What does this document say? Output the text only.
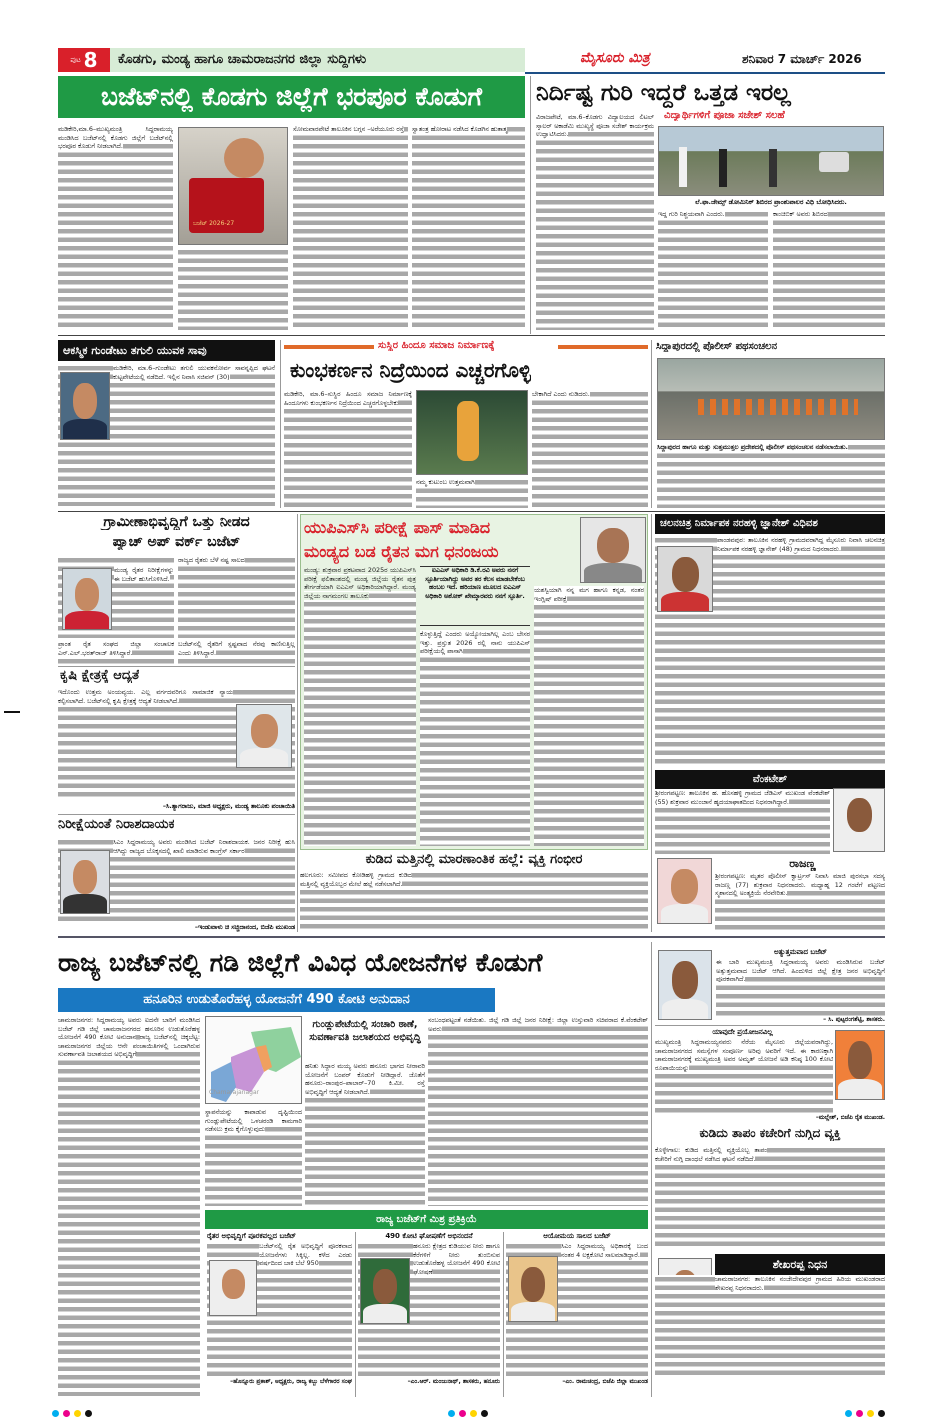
ಪುಟ 8	ಕೊಡಗು, ಮಂಡ್ಯ ಹಾಗೂ ಚಾಮರಾಜನಗರ ಜಿಲ್ಲಾ ಸುದ್ದಿಗಳು	ಮೈಸೂರು ಮಿತ್ರ	ಶನಿವಾರ 7 ಮಾರ್ಚ್ 2026
ಬಜೆಟ್‌ನಲ್ಲಿ ಕೊಡಗು ಜಿಲ್ಲೆಗೆ ಭರಪೂರ ಕೊಡುಗೆ
ಮಡಿಕೇರಿ,ಮಾ.6–ಮುಖ್ಯಮಂತ್ರಿ ಸಿದ್ದರಾಮಯ್ಯ ಮಂಡಿಸಿದ ಬಜೆಟ್‌ನಲ್ಲಿ ಕೊಡಗು ಜಿಲ್ಲೆಗೆ ಬಜೆಟ್‌ನಲ್ಲಿ ಭರಪೂರ ಕೊಡುಗೆ ನೀಡಲಾಗಿದೆ.
ಬಜೆಟ್ 2026-27
ಸೋಮವಾರಪೇಟೆ ತಾಲೂಕಿನ ಬಗ್ಗನ –ಅರೆಯೂರು ರಸ್ತೆ	ಸ್ವಾತಂತ್ರ ಹೋರಾಟ ನಡೆಸಿದ ಕೊಡಗಿನ ಹುತಾತ್ಮ
ನಿರ್ದಿಷ್ಟ ಗುರಿ ಇದ್ದರೆ ಒತ್ತಡ ಇರಲ್ಲ
ವಿದ್ಯಾರ್ಥಿಗಳಿಗೆ ಪೂಜಾ ಸಜೇಶ್ ಸಲಹೆ
ವಿರಾಜಪೇಟೆ, ಮಾ.6–ಕೊಡಗು ವಿದ್ಯಾಲಯದ ಲಿಟಲ್ ಸ್ಕಾಲರ್ ಅಕಾಡೆಮಿ ಮುಖ್ಯಸ್ಥೆ ಪೂಜಾ ಸಜೇಶ್ ಕಾರ್ಯಕ್ರಮ ಉದ್ಘಾಟಿಸಿದರು.
ಲೆ.ಫಾ.ಜೇಮ್ಸ್ ಡೋಮಿನಿಕ್ ಶಿಬಿರದ ಪ್ರಾಂಶುಪಾಲರ ವಿಧಿ ಬೋಧಿಸಿದರು.
ಇದ್ದ ಗುರಿ ನಿಶ್ಚಯವಾಗಿ ಎಂದರು.	ಕಾಂಚಿಬಿಕ್ ಅವರು ಶಿಬಿರದ
ಆಕಸ್ಮಿಕ ಗುಂಡೇಟು ತಗುಲಿ ಯುವಕ ಸಾವು
ಮಡಿಕೇರಿ, ಮಾ.6–ಗುಂಡೇಟು ತಗುಲಿ ಯುವಕನೋರ್ವ ಸಾವನ್ನಪ್ಪಿದ ಘಟನೆ ಕುಟ್ಟಪೇಟೆಯಲ್ಲಿ ನಡೆದಿದೆ. ಇಲ್ಲಿನ ನಿವಾಸಿ ಸಜಿವನ್ (30)
ಸುಸ್ಥಿರ ಹಿಂದೂ ಸಮಾಜ ನಿರ್ಮಾಣಕ್ಕೆ
ಕುಂಭಕರ್ಣನ ನಿದ್ರೆಯಿಂದ ಎಚ್ಚರಗೊಳ್ಳಿ
ಮಡಿಕೇರಿ, ಮಾ.6–ಸುಸ್ಥಿರ ಹಿಂದೂ ಸಮಾಜ ನಿರ್ಮಾಣಕ್ಕೆ ಹಿಂದೂಗಳು ಕುಂಭಕರ್ಣನ ನಿದ್ರೆಯಿಂದ ಎಚ್ಚರಗೊಳ್ಳಬೇಕು
ನಮ್ಮ ಕುಟುಂಬ ಉತ್ತಮವಾಗಿ
ಬೇಕಾಗಿದೆ ಎಂದು ನುಡಿದರು.
ಸಿದ್ದಾಪುರದಲ್ಲಿ ಪೊಲೀಸ್ ಪಥಸಂಚಲನ
ಸಿದ್ದಾಪುರದ ಹಾಗೂ ಮತ್ತು ಸುತ್ತಮುತ್ತಲ ಪ್ರದೇಶದಲ್ಲಿ ಪೊಲೀಸ್ ಪಥಸಂಚಲನ ನಡೆಸಲಾಯಿತು.
ಗ್ರಾಮೀಣಾಭಿವೃದ್ಧಿಗೆ ಒತ್ತು ನೀಡದ
ಪ್ಯಾಚ್ ಅಪ್ ವರ್ಕ್ ಬಜೆಟ್
ಮಂಡ್ಯ ರೈತರ ನಿರೀಕ್ಷೆಗಳನ್ನು ಈ ಬಜೆಟ್ ಹುಸಿಗೊಳಿಸಿದೆ.
ಪ್ರಾಂತ ರೈತ ಸಂಘದ ಜಿಲ್ಲಾ ಸಂಚಾಲಕ ಎನ್.ಎಲ್.ಭರತ್‌ರಾಜ್ ತಿಳಿಸಿದ್ದಾರೆ.
ರಾಜ್ಯದ ರೈತರು ಬೆಳೆ ನಷ್ಟ ಸಾಲದ
ಬಜೆಟ್‌ನಲ್ಲಿ ರೈತರಿಗೆ ಸ್ಪಷ್ಟವಾದ ನೆರವು ಕಾಣಿಸುತ್ತಿಲ್ಲ ಎಂದು ತಿಳಿಸಿದ್ದಾರೆ.
ಕೃಷಿ ಕ್ಷೇತ್ರಕ್ಕೆ ಆದ್ಯತೆ
ಇದೊಂದು ಉತ್ತಮ ಅಂಯವ್ಯಯ. ಎಲ್ಲ ವರ್ಗದವರಿಗೂ ಸಾಮಾಜಿಕ ನ್ಯಾಯ ಕಲ್ಪಿಸಲಾಗಿದೆ. ಬಜೆಟ್‌ನಲ್ಲಿ ಕೃಷಿ ಕ್ಷೇತ್ರಕ್ಕೆ ಆದ್ಯತೆ ನೀಡಲಾಗಿದೆ.
–ಸಿ.ತ್ಯಾಗರಾಜು, ಮಾಜಿ ಅಧ್ಯಕ್ಷರು, ಮಂಡ್ಯ ತಾಲೂಕು ಪಂಚಾಯಿತಿ
ನಿರೀಕ್ಷೆಯಂತೆ ನಿರಾಶದಾಯಕ
ಸಿಎಂ ಸಿದ್ದರಾಮಯ್ಯ ಅವರು ಮಂಡಿಸಿದ ಬಜೆಟ್ ನಿರಾಶದಾಯಕ. ಜನರ ನಿರೀಕ್ಷೆ ಹುಸಿ ಆಗಿದ್ದು ರಾಜ್ಯದ ಬೊಕ್ಕಸದಲ್ಲಿ ಖಾಲಿ ಮಾಡಿರುವ ಕಾಂಗ್ರೆಸ್ ಸರ್ಕಾರ
–ಇಂಡುವಾಳು ಚಿ ಸಚ್ಚಿದಾನಂದ, ಬಿಜೆಪಿ ಮುಖಂಡ
ಯುಪಿಎಸ್‌ಸಿ ಪರೀಕ್ಷೆ ಪಾಸ್ ಮಾಡಿದ
ಮಂಡ್ಯದ ಬಡ ರೈತನ ಮಗ ಧನಂಜಯ
ಮಂಡ್ಯ: ಶುಕ್ರವಾರ ಪ್ರಕಟವಾದ 2025ರ ಯುಪಿಎಸ್‌ಸಿ ಪರೀಕ್ಷೆ ಫಲಿತಾಂಶದಲ್ಲಿ ಮಂಡ್ಯ ಜಿಲ್ಲೆಯ ರೈತನ ಪುತ್ರ ತೇರ್ಗಡೆಯಾಗಿ ಐಎಎಸ್ ಅಧಿಕಾರಿಯಾಗಿದ್ದಾರೆ. ಮಂಡ್ಯ ಜಿಲ್ಲೆಯ ನಾಗಮಂಗಲ ತಾಲೂಕು
ಐಎಎಸ್ ಅಧಿಕಾರಿ ಡಿ.ಕೆ.ರವಿ ಅವರು ನನಗೆ ಸ್ಫೂರ್ತಿಯಾಗಿದ್ದು ಅವರ ತರ ಕೆಲಸ ಮಾಡಬೇಕೆಂಬ ಹಂಬಲ ಇದೆ. ಹರಿಯಾಣ ಮೂಲದ ಐಎಎಸ್ ಅಧಿಕಾರಿ ಅಶೋಕ್ ಖೇಮ್ಕಾರವರು ನನಗೆ ಸ್ಫೂರ್ತಿ.
ಕೊಳ್ಳುತ್ತಿದ್ದೆ ಎಂದರು ಅಯ್ಯೋಯಾಗಿಲ್ಲ ಎಂಬ ಬೇಸರ ಇತ್ತು. ಪ್ರಸ್ತುತ 2026 ರಲ್ಲಿ ನಾನು ಯುಪಿಎಸ್ ಪರೀಕ್ಷೆಯಲ್ಲಿ ಪಾಸಾಗಿ
ಯಶಸ್ವಿಯಾಗಿ ನನ್ನ ಮಗ ಹಾಗೂ ಕನ್ನಡ, ನಂತರ ಇಂಗ್ಲಿಷ್ ಪರೀಕ್ಷೆ
ಕುಡಿದ ಮತ್ತಿನಲ್ಲಿ ಮಾರಣಾಂತಿಕ ಹಲ್ಲೆ: ವ್ಯಕ್ತಿ ಗಂಭೀರ
ಹಲಗೂರು: ಸಮೀಪದ ಕೋಡಿಹಳ್ಳಿ ಗ್ರಾಮದ ಕುಡಿದ ಮತ್ತಿನಲ್ಲಿ ವ್ಯಕ್ತಿಯೊಬ್ಬರ ಮೇಲೆ ಹಲ್ಲೆ ನಡೆಸಲಾಗಿದೆ.
ಚಲನಚಿತ್ರ ನಿರ್ಮಾಪಕ ನರಹಳ್ಳಿ ಜ್ಞಾನೇಶ್ ವಿಧಿವಶ
ಪಾಂಡವಪುರ: ತಾಲೂಕಿನ ನರಹಳ್ಳಿ ಗ್ರಾಮದವರಾಗಿದ್ದ ಮೈಸೂರು ನಿವಾಸಿ ಚಲನಚಿತ್ರ ನಿರ್ಮಾಪಕ ನರಹಳ್ಳಿ ಜ್ಞಾನೇಶ್ (48) ಗ್ರಾಮದ ನಿಧನರಾದರು.
ವೆಂಕಟೇಶ್
ಶ್ರೀರಂಗಪಟ್ಟಣ: ತಾಲೂಕಿನ ಹ. ಹೊಸಹಳ್ಳಿ ಗ್ರಾಮದ ಜೆಡಿಎಸ್ ಮುಖಂಡ ವೆಂಕಟೇಶ್ (55) ಶುಕ್ರವಾರ ಮುಂಜಾನೆ ಹೃದಯಾಘಾತದಿಂದ ನಿಧನರಾಗಿದ್ದಾರೆ.
ರಾಜಣ್ಣ
ಶ್ರೀರಂಗಪಟ್ಟಣ: ಮೃತರ ಪೊಲೀಸ್ ಕ್ವಾರ್ಟ್ರಸ್ ನಿವಾಸಿ ಮಾಜಿ ಪುರಸಭಾ ಸದಸ್ಯ ರಾಜಣ್ಣ (77) ಶುಕ್ರವಾರ ನಿಧನರಾದರು. ಮಧ್ಯಾಹ್ನ 12 ಗಂಟೆಗೆ ಪಟ್ಟಣದ ಸ್ಮಶಾನದಲ್ಲಿ ಅಂತ್ಯಕ್ರಿಯೆ ನೆರವೇರಿತು.
ರಾಜ್ಯ ಬಜೆಟ್‌ನಲ್ಲಿ ಗಡಿ ಜಿಲ್ಲೆಗೆ ವಿವಿಧ ಯೋಜನೆಗಳ ಕೊಡುಗೆ
ಹನೂರಿನ ಉಡುತೊರೆಹಳ್ಳ ಯೋಜನೆಗೆ 490 ಕೋಟಿ ಅನುದಾನ
ಚಾಮರಾಜನಗರ: ಸಿದ್ದರಾಮಯ್ಯ ಅವರು ಐದನೇ ಬಾರಿಗೆ ಮಂಡಿಸಿದ ಬಜೆಟ್ ಗಡಿ ಜಿಲ್ಲೆ ಚಾಮರಾಜನಗರದ ಹನೂರಿನ ಉಡುತೊರೆಹಳ್ಳ ಯೋಜನೆಗೆ 490 ಕೋಟಿ ಅನುದಾನ ರಾಜ್ಯ ಬಜೆಟ್‌ನಲ್ಲಿ ಚಿಕ್ಕಬೆಟ್ಟ: ಚಾಮರಾಜನಗರ ಜಿಲ್ಲೆಯ ಆನೇ ಪಂಚಾಯಿತಿಗಳಲ್ಲಿ ಒಂದಾಗಿರುವ ಸುವರ್ಣಾವತಿ ಜಲಾಶಯದ ಅಭಿವೃದ್ಧಿಗೆ
Chamarajanagar
ಸ್ಥಾಪನೆಯನ್ನು ಕಾಪಾಡುವ ದೃಷ್ಟಿಯಿಂದ ಗುಂಡ್ಲುಪೇಟೆಯಲ್ಲಿ ಒಳಚರಂಡಿ ಕಾಮಗಾರಿ ನಡೆಸಲು ಕ್ರಮ ಕೈಗೊಳ್ಳುವುದು
ಗುಂಡ್ಲುಪೇಟೆಯಲ್ಲಿ ಸಂಚಾರಿ ಠಾಣೆ, ಸುವರ್ಣಾವತಿ ಜಲಾಶಯದ ಅಭಿವೃದ್ಧಿ
ಹನಿತು ಸಿದ್ದಾರ ಮಯ್ಯ ಅವರು ಹನೂರು ಭಾಗದ ನೀರಾವರಿ ಯೋಜನೆಗೆ ಬಂಪರ್ ಕೊಡುಗೆ ನೀಡಿದ್ದಾರೆ. ಜೊತೆಗೆ ಹನೂರು–ರಾಂಪುರ–ಪಾಲಾರ್–70 ಕಿ.ಮೀ. ರಸ್ತೆ ಅಭಿವೃದ್ಧಿಗೆ ಆದ್ಯತೆ ನೀಡಲಾಗಿದೆ.
ಸಂಬಂಧಪಟ್ಟಂತೆ ನಡೆಯಿತು. ಜಿಲ್ಲೆ ಗಡಿ ಜಿಲ್ಲೆ ಜನರ ನಿರೀಕ್ಷೆ: ಜಿಲ್ಲಾ ಉಸ್ತುವಾರಿ ಸಚಿವರಾದ ಕೆ.ವೆಂಕಟೇಶ್ ಅವರು
ರಾಜ್ಯ ಬಜೆಟ್‌ಗೆ ಮಿಶ್ರ ಪ್ರತಿಕ್ರಿಯೆ
ರೈತರ ಅಭಿವೃದ್ಧಿಗೆ ಪೂರಕವಲ್ಲದ ಬಜೆಟ್
ಬಜೆಟ್‌ನಲ್ಲಿ ರೈತ ಅಭಿವೃದ್ಧಿಗೆ ಪೂರಕವಾದ ಯೋಜನೆಗಳು ಸಿಕ್ಕಿಲ್ಲ. ಕಳೆದ ಎರಡು ವರ್ಷದಿಂದ ಬಾಕಿ ಬೆಲೆ 950
–ಹೊನ್ನೂರು ಪ್ರಕಾಶ್, ಅಧ್ಯಕ್ಷರು, ರಾಜ್ಯ ಕಬ್ಬು ಬೆಳೆಗಾರರ ಸಂಘ
490 ಕೋಟಿ ಘೋಷಣೆಗೆ ಅಭಿನಂದನೆ
ಹನೂರು ಕ್ಷೇತ್ರದ ಕುಡಿಯುವ ನೀರು ಹಾಗೂ ಕೆರೆಗಳಿಗೆ ನೀರು ತುಂಬಿಸುವ ಉಡುತೊರೆಹಳ್ಳ ಯೋಜನೆಗೆ 490 ಕೋಟಿ ಘೋಷಣೆ
–ಎಂ.ಆರ್. ಮಂಜುನಾಥ್, ಶಾಸಕರು, ಹನೂರು
ಆಯೋಮಯ ಸಾಲದ ಬಜೆಟ್
ಸಿಎಂ ಸಿದ್ದರಾಮಯ್ಯ ಅಧಿಕಾರಕ್ಕೆ ಬಂದ ನಂತರ 4 ಲಕ್ಷಕೋಟಿ ಸಾಲಮಾಡಿದ್ದಾರೆ.
–ಎಂ. ರಾಮಚಂದ್ರ, ಬಿಜೆಪಿ ಜಿಲ್ಲಾ ಮುಖಂಡ
ಅತ್ಯುತ್ತಮವಾದ ಬಜೆಟ್
ಈ ಬಾರಿ ಮುಖ್ಯಮಂತ್ರಿ ಸಿದ್ದರಾಮಯ್ಯ ಅವರು ಮಂಡಿಸಿರುವ ಬಜೆಟ್ ಅತ್ಯುತ್ತಮವಾದ ಬಜೆಟ್ ಆಗಿದೆ. ಹಿಂದುಳಿದ ಜಿಲ್ಲೆ ಕ್ಷೇತ್ರ ಜನರ ಅಭಿವೃದ್ಧಿಗೆ ಪೂರಕವಾಗಿದೆ.
– ಸಿ. ಪುಟ್ಟರಂಗಶೆಟ್ಟಿ, ಶಾಸಕರು.
ಯಾವುದೇ ಪ್ರಯೋಜನವಿಲ್ಲ
ಮುಖ್ಯಮಂತ್ರಿ ಸಿದ್ದರಾಮಯ್ಯನವರು ನೆರೆಯ ಮೈಸೂರು ಜಿಲ್ಲೆಯವರಾಗಿದ್ದು, ಚಾಮರಾಜನಗರದ ಸಮಸ್ಯೆಗಳ ಸಂಪೂರ್ಣ ಅರಿವು ಅವರಿಗೆ ಇದೆ. ಈ ಕಾರಣಕ್ಕಾಗಿ ಚಾಮರಾಜನಗರಕ್ಕೆ ಮುಖ್ಯಮಂತ್ರಿ ಅವರ ಅಮೃತ್ ಯೋಜನೆ ಅಡಿ ಕನಿಷ್ಠ 100 ಕೋಟಿ ರೂಪಾಯಿಯನ್ನು
–ಮಲ್ಲೇಶ್, ಬಿಜೆಪಿ ರೈತ ಮುಖಂಡ.
ಕುಡಿದು ತಾಪಂ ಕಚೇರಿಗೆ ನುಗ್ಗಿದ ವ್ಯಕ್ತಿ
ಕೊಳ್ಳೇಗಾಲ: ಕುಡಿದ ಮತ್ತಿನಲ್ಲಿ ವ್ಯಕ್ತಿಯೊಬ್ಬ ತಾಪಂ ಕಚೇರಿಗೆ ನುಗ್ಗಿ ದಾಂಧಲೆ ನಡೆಸಿದ ಘಟನೆ ನಡೆದಿದೆ.
ಶೇಖರಪ್ಪ ನಿಧನ
ಚಾಮರಾಜನಗರ: ತಾಲೂಕಿನ ನಂಜೇದೇವಪುರ ಗ್ರಾಮದ ಹಿರಿಯ ಮುಖಂಡರಾದ ಶೇಖರಪ್ಪ ನಿಧನರಾದರು.
